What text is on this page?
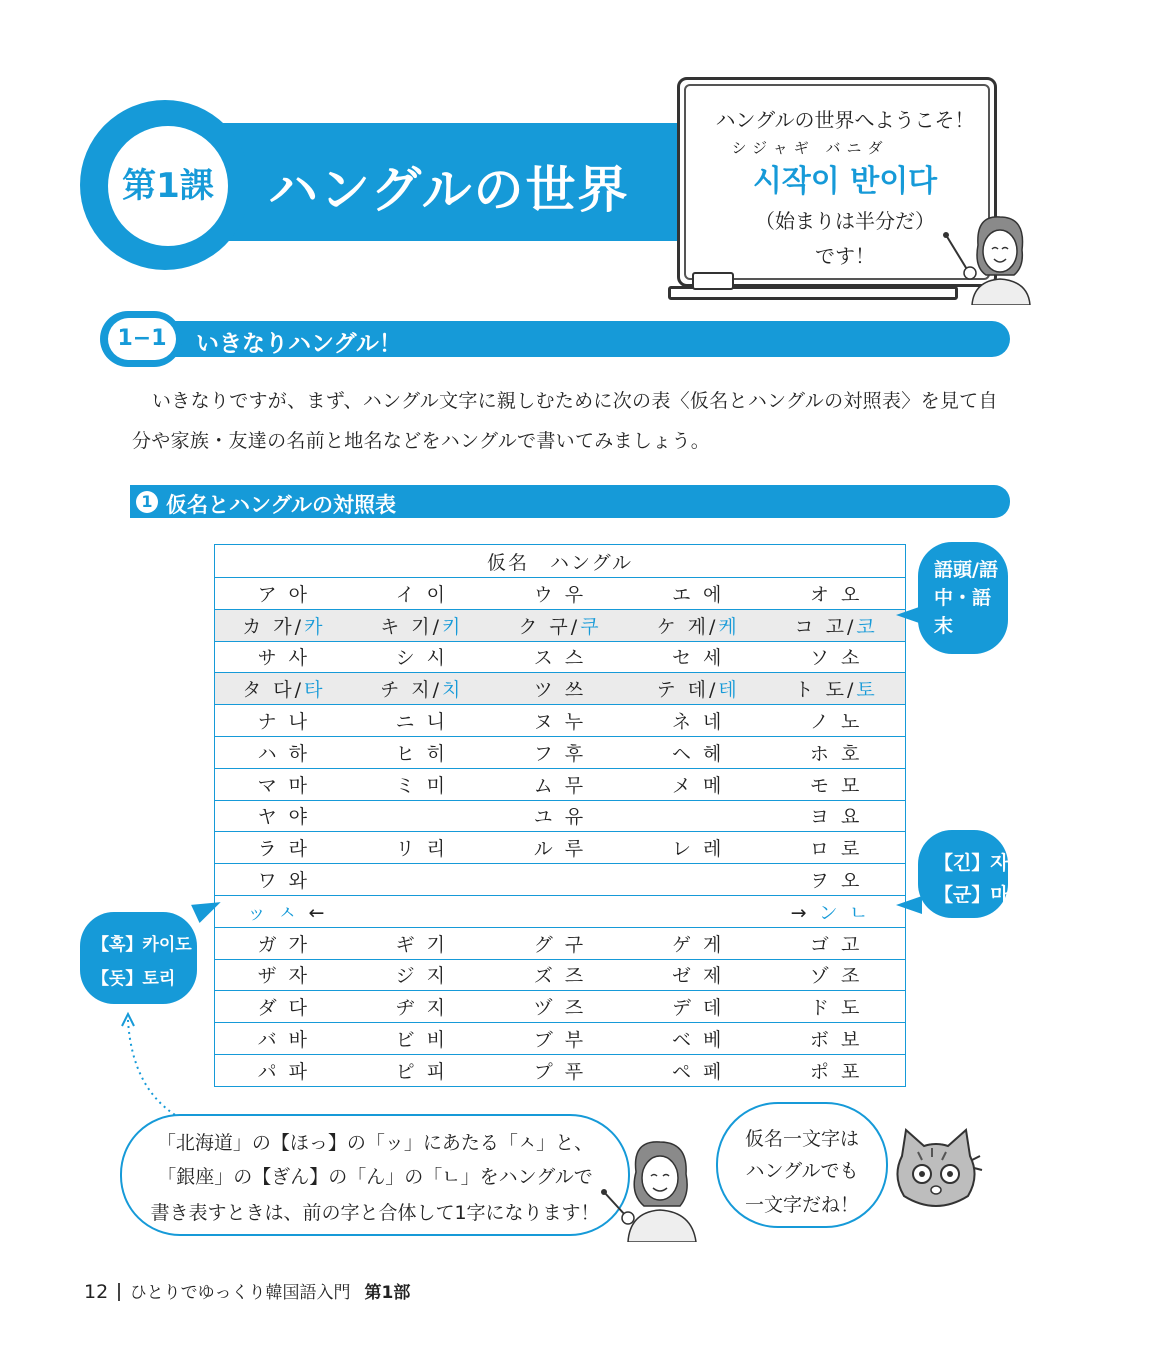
第1課 ハングルの世界
ハングルの世界へようこそ！
シジャギ バニダ
시작이 반이다
（始まりは半分だ）
です！
1−1	いきなりハングル！
いきなりですが、まず、ハングル文字に親しむために次の表〈仮名とハングルの対照表〉を見て自
分や家族・友達の名前と地名などをハングルで書いてみましょう。
1 仮名とハングルの対照表
仮名　ハングル				
ア 아	イ 이	ウ 우	エ 에	オ 오
カ 가/카	キ 기/키	ク 구/쿠	ケ 게/케	コ 고/코
サ 사	シ 시	ス 스	セ 세	ソ 소
タ 다/타	チ 지/치	ツ 쓰	テ 데/테	ト 도/토
ナ 나	ニ 니	ヌ 누	ネ 네	ノ 노
ハ 하	ヒ 히	フ 후	ヘ 헤	ホ 호
マ 마	ミ 미	ム 무	メ 메	モ 모
ヤ 야		ユ 유		ヨ 요
ラ 라	リ 리	ル 루	レ 레	ロ 로
ワ 와				ヲ 오
ッ ㅅ ←				→ ン ㄴ
ガ 가	ギ 기	グ 구	ゲ 게	ゴ 고
ザ 자	ジ 지	ズ 즈	ゼ 제	ゾ 조
ダ 다	ヂ 지	ヅ 즈	デ 데	ド 도
バ 바	ビ 비	ブ 부	ベ 베	ボ 보
パ 파	ピ 피	プ 푸	ペ 페	ポ 포
語頭/語中・語末
【긴】자
【군】마
【혹】카이도
【돗】토리
「北海道」の【ほっ】の「ッ」にあたる「ㅅ」と、
「銀座」の【ぎん】の「ん」の「ㄴ」をハングルで
書き表すときは、前の字と合体して1字になります！
仮名一文字は
ハングルでも
一文字だね！
12 ひとりでゆっくり韓国語入門 第1部
